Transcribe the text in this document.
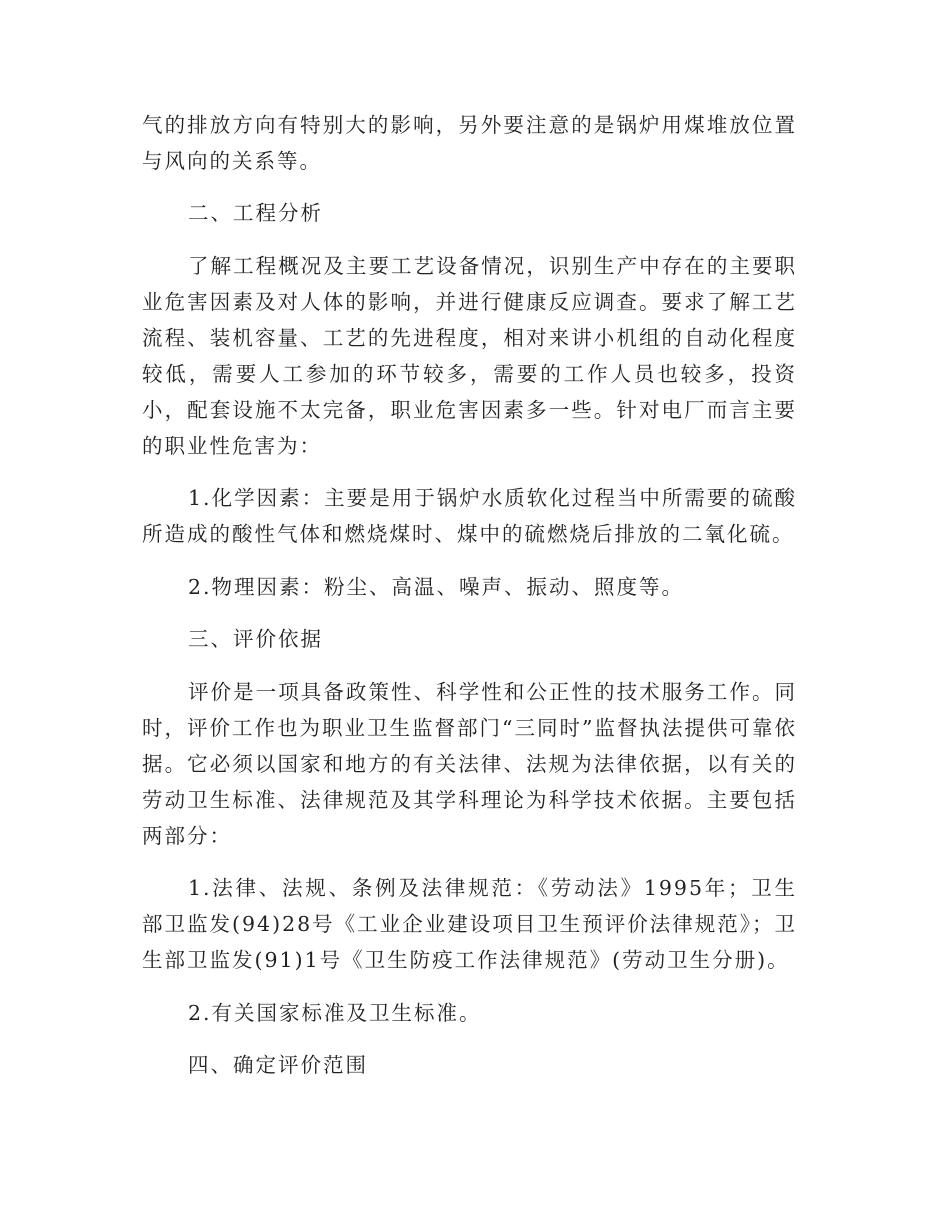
气的排放方向有特别大的影响，另外要注意的是锅炉用煤堆放位置与风向的关系等。

二、工程分析

了解工程概况及主要工艺设备情况，识别生产中存在的主要职业危害因素及对人体的影响，并进行健康反应调查。要求了解工艺流程、装机容量、工艺的先进程度，相对来讲小机组的自动化程度较低，需要人工参加的环节较多，需要的工作人员也较多，投资小，配套设施不太完备，职业危害因素多一些。针对电厂而言主要的职业性危害为：

1.化学因素：主要是用于锅炉水质软化过程当中所需要的硫酸所造成的酸性气体和燃烧煤时、煤中的硫燃烧后排放的二氧化硫。

2.物理因素：粉尘、高温、噪声、振动、照度等。

三、评价依据

评价是一项具备政策性、科学性和公正性的技术服务工作。同时，评价工作也为职业卫生监督部门“三同时”监督执法提供可靠依据。它必须以国家和地方的有关法律、法规为法律依据，以有关的劳动卫生标准、法律规范及其学科理论为科学技术依据。主要包括两部分：

1.法律、法规、条例及法律规范：《劳动法》1995年；卫生部卫监发(94)28号《工业企业建设项目卫生预评价法律规范》；卫生部卫监发(91)1号《卫生防疫工作法律规范》(劳动卫生分册)。

2.有关国家标准及卫生标准。

四、确定评价范围
